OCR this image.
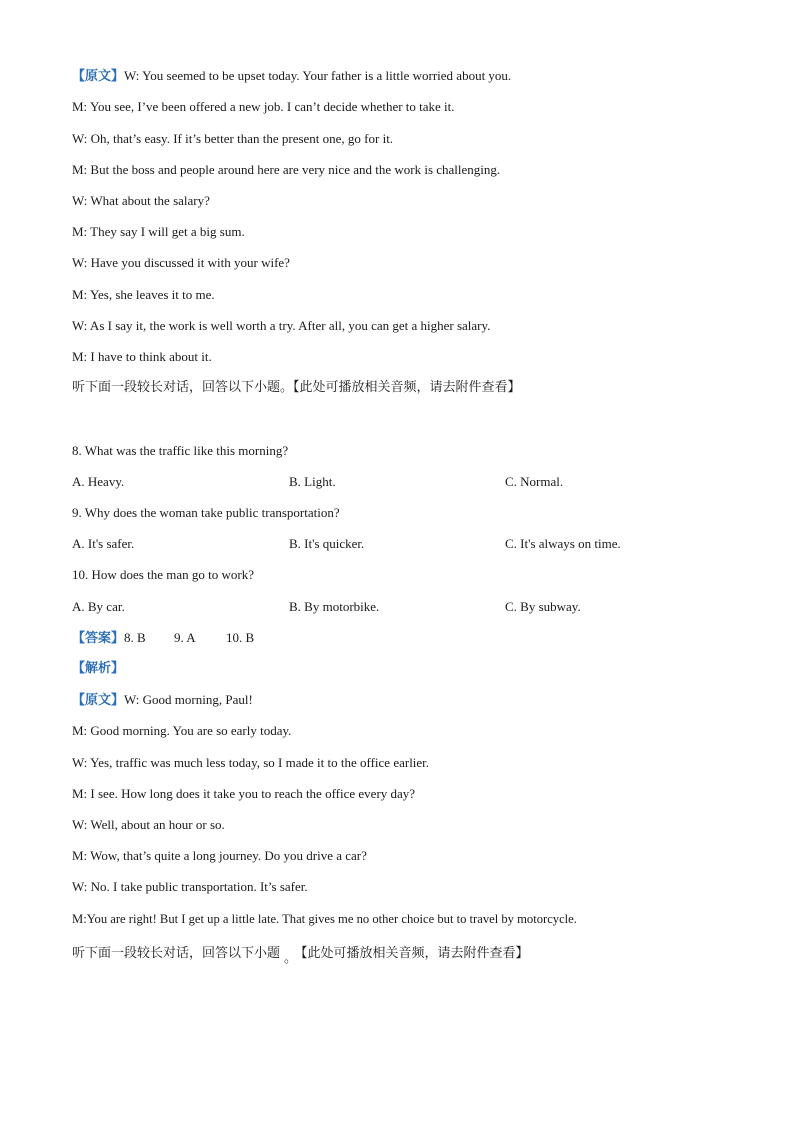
【原文】W: You seemed to be upset today. Your father is a little worried about you.
M: You see, I’ve been offered a new job. I can’t decide whether to take it.
W: Oh, that’s easy. If it’s better than the present one, go for it.
M: But the boss and people around here are very nice and the work is challenging.
W: What about the salary?
M: They say I will get a big sum.
W: Have you discussed it with your wife?
M: Yes, she leaves it to me.
W: As I say it, the work is well worth a try. After all, you can get a higher salary.
M: I have to think about it.
听下面一段较长对话，回答以下小题。【此处可播放相关音频，请去附件查看】
8. What was the traffic like this morning?
A. Heavy.	B. Light.	C. Normal.
9. Why does the woman take public transportation?
A. It's safer.	B. It's quicker.	C. It's always on time.
10. How does the man go to work?
A. By car.	B. By motorbike.	C. By subway.
【答案】8. B 9. A 10. B
【解析】
【原文】W: Good morning, Paul!
M: Good morning. You are so early today.
W: Yes, traffic was much less today, so I made it to the office earlier.
M: I see. How long does it take you to reach the office every day?
W: Well, about an hour or so.
M: Wow, that’s quite a long journey. Do you drive a car?
W: No. I take public transportation. It’s safer.
M:You are right! But I get up a little late. That gives me no other choice but to travel by motorcycle.
听下面一段较长对话，回答以下小题 。 【此处可播放相关音频，请去附件查看】
